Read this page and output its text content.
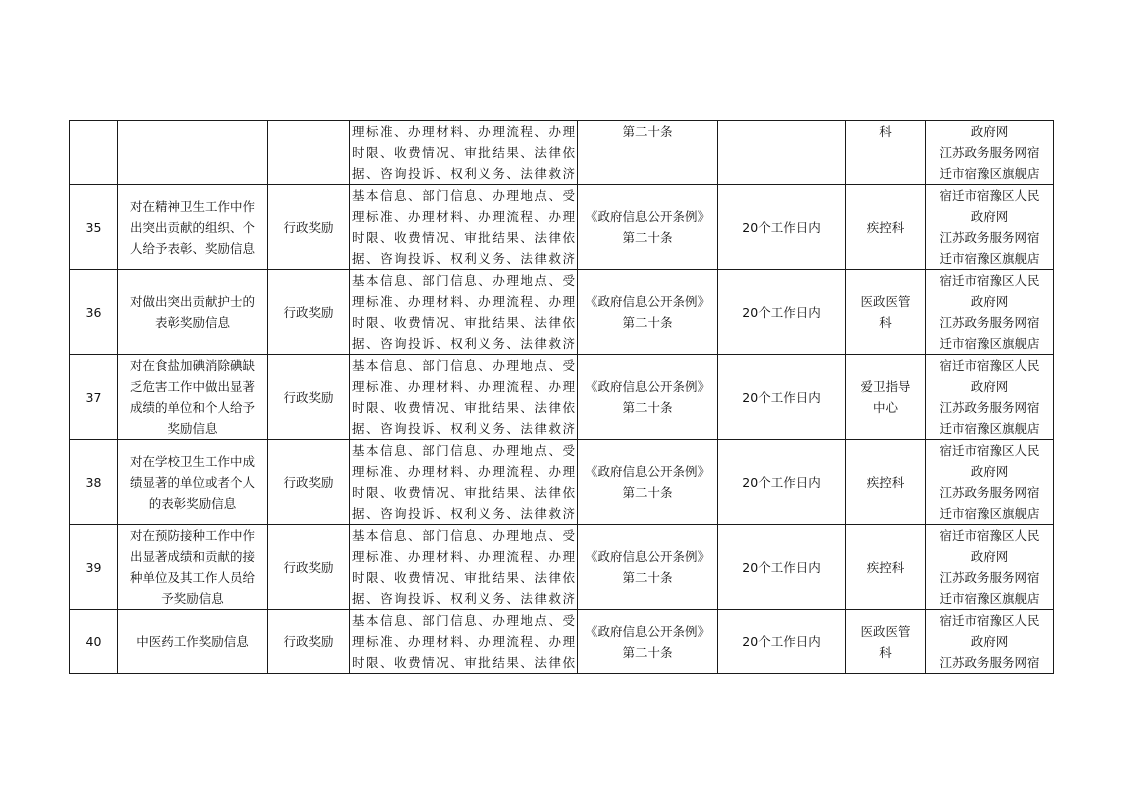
			理标准、办理材料、办理流程、办理
时限、收费情况、审批结果、法律依
据、咨询投诉、权利义务、法律救济	第二十条		科	政府网
江苏政务服务网宿
迁市宿豫区旗舰店

35	对在精神卫生工作中作
出突出贡献的组织、个
人给予表彰、奖励信息	行政奖励	基本信息、部门信息、办理地点、受
理标准、办理材料、办理流程、办理
时限、收费情况、审批结果、法律依
据、咨询投诉、权利义务、法律救济	《政府信息公开条例》
第二十条	20个工作日内	疾控科	宿迁市宿豫区人民
政府网
江苏政务服务网宿
迁市宿豫区旗舰店

36	对做出突出贡献护士的
表彰奖励信息	行政奖励	基本信息、部门信息、办理地点、受
理标准、办理材料、办理流程、办理
时限、收费情况、审批结果、法律依
据、咨询投诉、权利义务、法律救济	《政府信息公开条例》
第二十条	20个工作日内	医政医管
科	宿迁市宿豫区人民
政府网
江苏政务服务网宿
迁市宿豫区旗舰店

37	对在食盐加碘消除碘缺
乏危害工作中做出显著
成绩的单位和个人给予
奖励信息	行政奖励	基本信息、部门信息、办理地点、受
理标准、办理材料、办理流程、办理
时限、收费情况、审批结果、法律依
据、咨询投诉、权利义务、法律救济	《政府信息公开条例》
第二十条	20个工作日内	爱卫指导
中心	宿迁市宿豫区人民
政府网
江苏政务服务网宿
迁市宿豫区旗舰店

38	对在学校卫生工作中成
绩显著的单位或者个人
的表彰奖励信息	行政奖励	基本信息、部门信息、办理地点、受
理标准、办理材料、办理流程、办理
时限、收费情况、审批结果、法律依
据、咨询投诉、权利义务、法律救济	《政府信息公开条例》
第二十条	20个工作日内	疾控科	宿迁市宿豫区人民
政府网
江苏政务服务网宿
迁市宿豫区旗舰店

39	对在预防接种工作中作
出显著成绩和贡献的接
种单位及其工作人员给
予奖励信息	行政奖励	基本信息、部门信息、办理地点、受
理标准、办理材料、办理流程、办理
时限、收费情况、审批结果、法律依
据、咨询投诉、权利义务、法律救济	《政府信息公开条例》
第二十条	20个工作日内	疾控科	宿迁市宿豫区人民
政府网
江苏政务服务网宿
迁市宿豫区旗舰店

40	中医药工作奖励信息	行政奖励	基本信息、部门信息、办理地点、受
理标准、办理材料、办理流程、办理
时限、收费情况、审批结果、法律依	《政府信息公开条例》
第二十条	20个工作日内	医政医管
科	宿迁市宿豫区人民
政府网
江苏政务服务网宿
